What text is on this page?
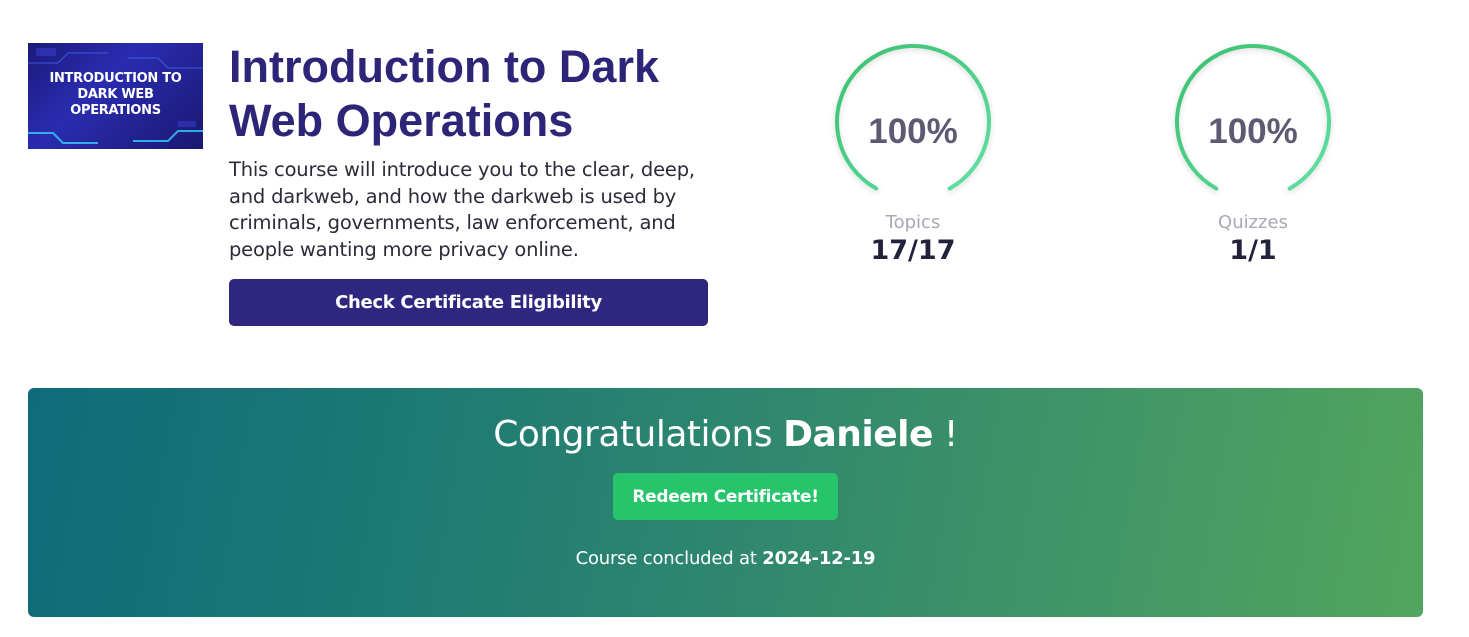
INTRODUCTION TO
DARK WEB
OPERATIONS
Introduction to Dark Web Operations

This course will introduce you to the clear, deep, and darkweb, and how the darkweb is used by criminals, governments, law enforcement, and people wanting more privacy online.

Check Certificate Eligibility
100%
Topics
17/17
100%
Quizzes
1/1
Congratulations Daniele !
Redeem Certificate!
Course concluded at 2024-12-19
